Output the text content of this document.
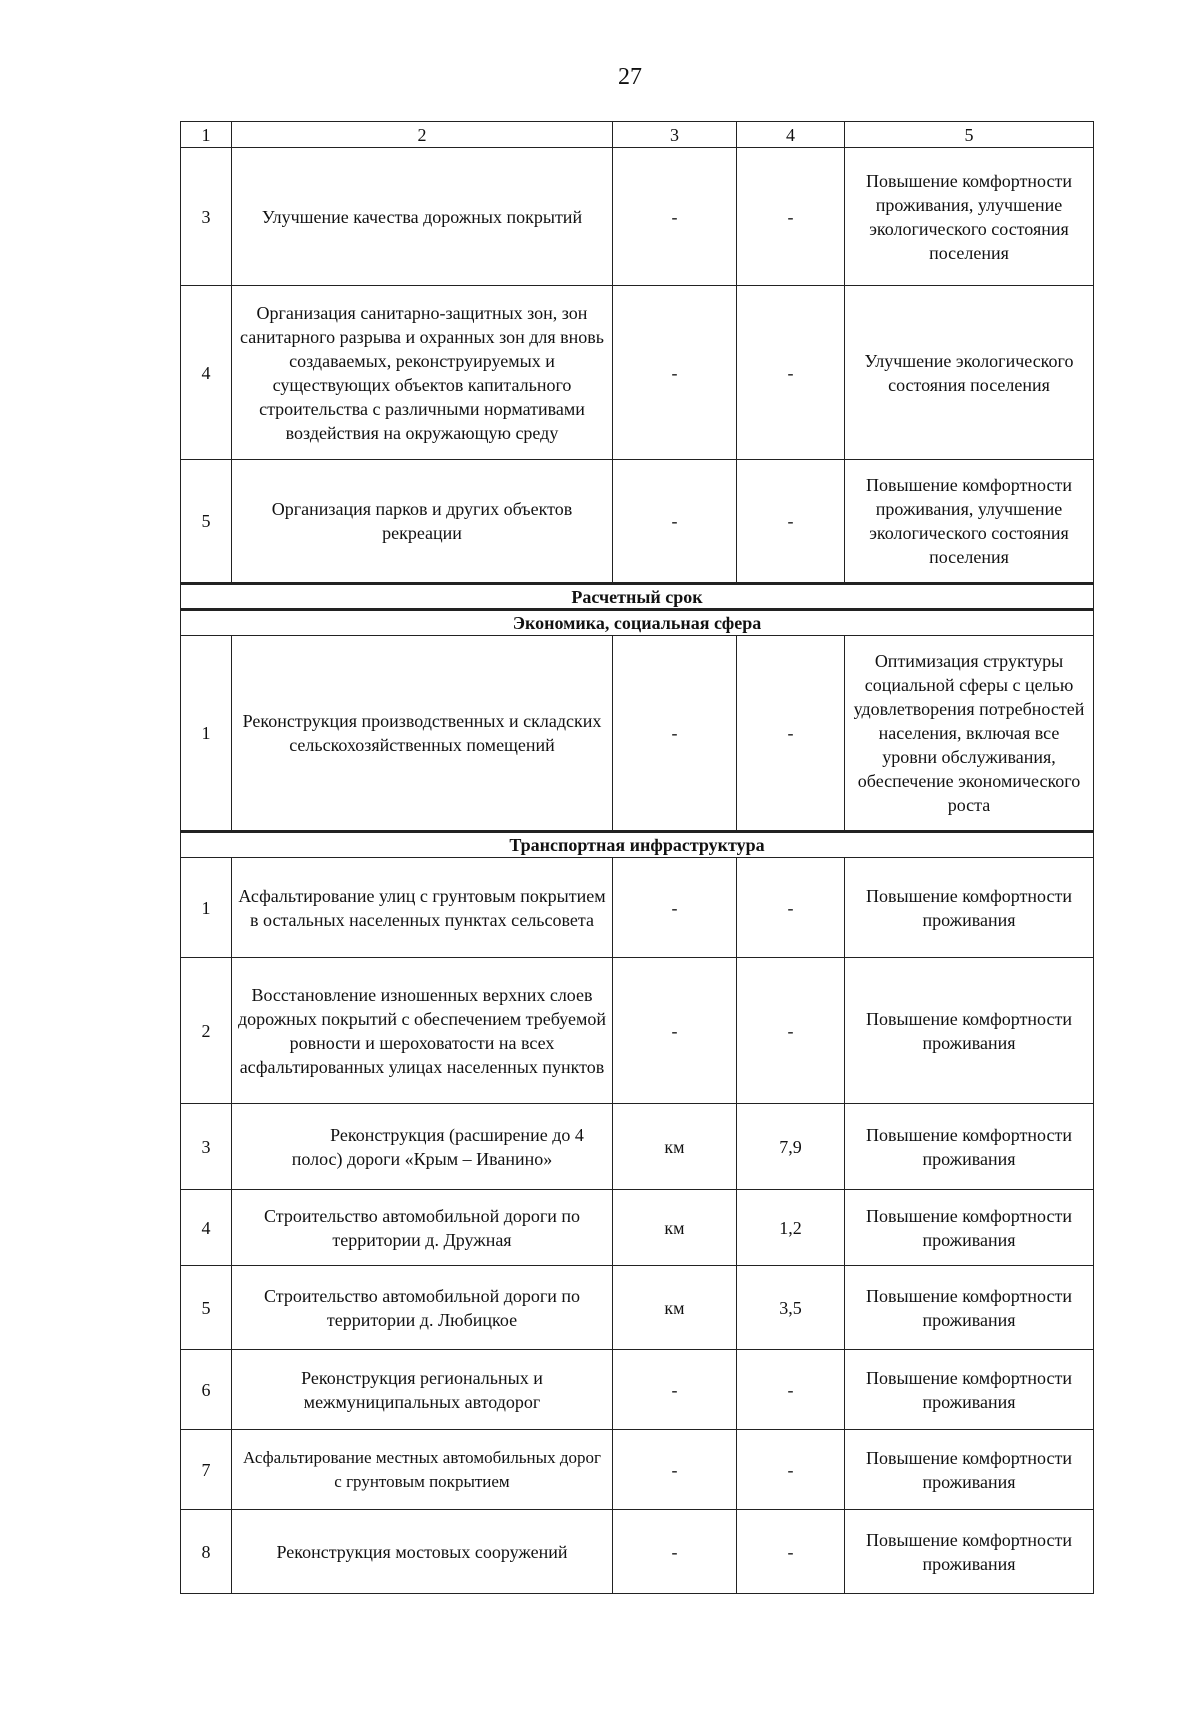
27
1	2	3	4	5
3	Улучшение качества дорожных покрытий	-	-	Повышение комфортности проживания, улучшение экологического состояния поселения
4	Организация санитарно-защитных зон, зон санитарного разрыва и охранных зон для вновь создаваемых, реконструируемых и существующих объектов капитального строительства с различными нормативами воздействия на окружающую среду	-	-	Улучшение экологического состояния поселения
5	Организация парков и других объектов рекреации	-	-	Повышение комфортности проживания, улучшение экологического состояния поселения
Расчетный срок				
Экономика, социальная сфера				
1	Реконструкция производственных и складских сельскохозяйственных помещений	-	-	Оптимизация структуры социальной сферы с целью удовлетворения потребностей населения, включая все уровни обслуживания, обеспечение экономического роста
Транспортная инфраструктура				
1	Асфальтирование улиц с грунтовым покрытием в остальных населенных пунктах сельсовета	-	-	Повышение комфортности проживания
2	Восстановление изношенных верхних слоев дорожных покрытий с обеспечением требуемой ровности и шероховатости на всех асфальтированных улицах населенных пунктов	-	-	Повышение комфортности проживания
3	Реконструкция (расширение до 4 полос) дороги «Крым – Иванино»	км	7,9	Повышение комфортности проживания
4	Строительство автомобильной дороги по территории д. Дружная	км	1,2	Повышение комфортности проживания
5	Строительство автомобильной дороги по территории д. Любицкое	км	3,5	Повышение комфортности проживания
6	Реконструкция региональных и межмуниципальных автодорог	-	-	Повышение комфортности проживания
7	Асфальтирование местных автомобильных дорог с грунтовым покрытием	-	-	Повышение комфортности проживания
8	Реконструкция мостовых сооружений	-	-	Повышение комфортности проживания
